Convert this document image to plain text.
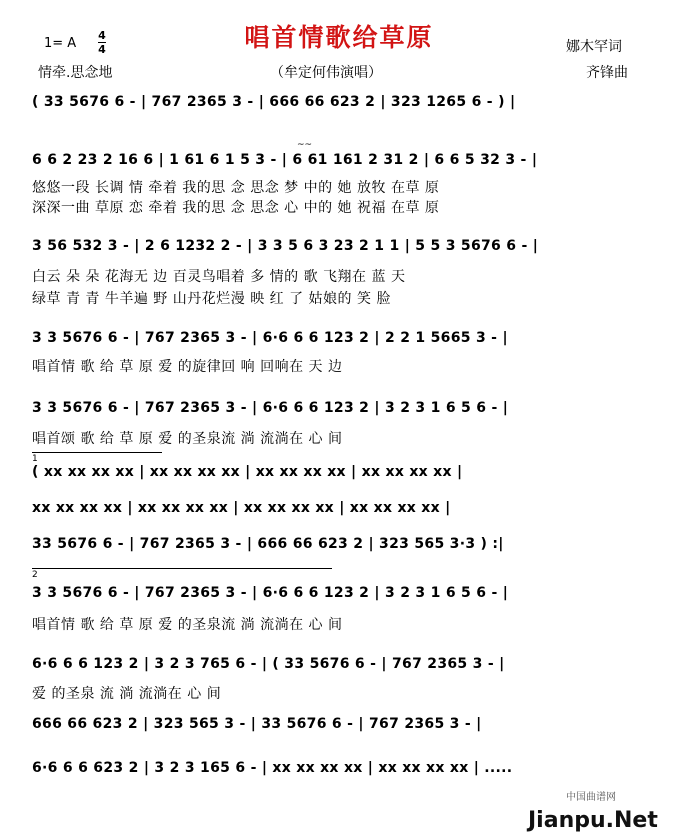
唱首情歌给草原
1= A
4
4
情牵.思念地	（牟定何伟演唱）
娜木罕词
齐锋曲
( 33 5676 6 - | 767 2365 3 - | 666 66 623 2 | 323 1265 6 - ) |
~~
6 6 2 23 2 16 6 | 1 61 6 1 5 3 - | 6 61 161 2 31 2 | 6 6 5 32 3 - |
悠悠一段 长调 情 牵着 我的思 念 思念 梦 中的 她 放牧 在草 原
深深一曲 草原 恋 牵着 我的思 念 思念 心 中的 她 祝福 在草 原
3 56 532 3 - | 2 6 1232 2 - | 3 3 5 6 3 23 2 1 1 | 5 5 3 5676 6 - |
白云 朵 朵 花海无 边 百灵鸟唱着 多 情的 歌 飞翔在 蓝 天
绿草 青 青 牛羊遍 野 山丹花烂漫 映 红 了 姑娘的 笑 脸
3 3 5676 6 - | 767 2365 3 - | 6·6 6 6 123 2 | 2 2 1 5665 3 - |
唱首情 歌 给 草 原 爱 的旋律回 响 回响在 天 边
3 3 5676 6 - | 767 2365 3 - | 6·6 6 6 123 2 | 3 2 3 1 6 5 6 - |
唱首颂 歌 给 草 原 爱 的圣泉流 淌 流淌在 心 间
$^1$
( xx xx xx xx | xx xx xx xx | xx xx xx xx | xx xx xx xx |
xx xx xx xx | xx xx xx xx | xx xx xx xx | xx xx xx xx |
33 5676 6 - | 767 2365 3 - | 666 66 623 2 | 323 565 3·3 ) :|
$^2$
3 3 5676 6 - | 767 2365 3 - | 6·6 6 6 123 2 | 3 2 3 1 6 5 6 - |
唱首情 歌 给 草 原 爱 的圣泉流 淌 流淌在 心 间
6·6 6 6 123 2 | 3 2 3 765 6 - | ( 33 5676 6 - | 767 2365 3 - |
爱 的圣泉 流 淌 流淌在 心 间
666 66 623 2 | 323 565 3 - | 33 5676 6 - | 767 2365 3 - |
6·6 6 6 623 2 | 3 2 3 165 6 - | xx xx xx xx | xx xx xx xx | .....
中国曲谱网
Jianpu.Net
